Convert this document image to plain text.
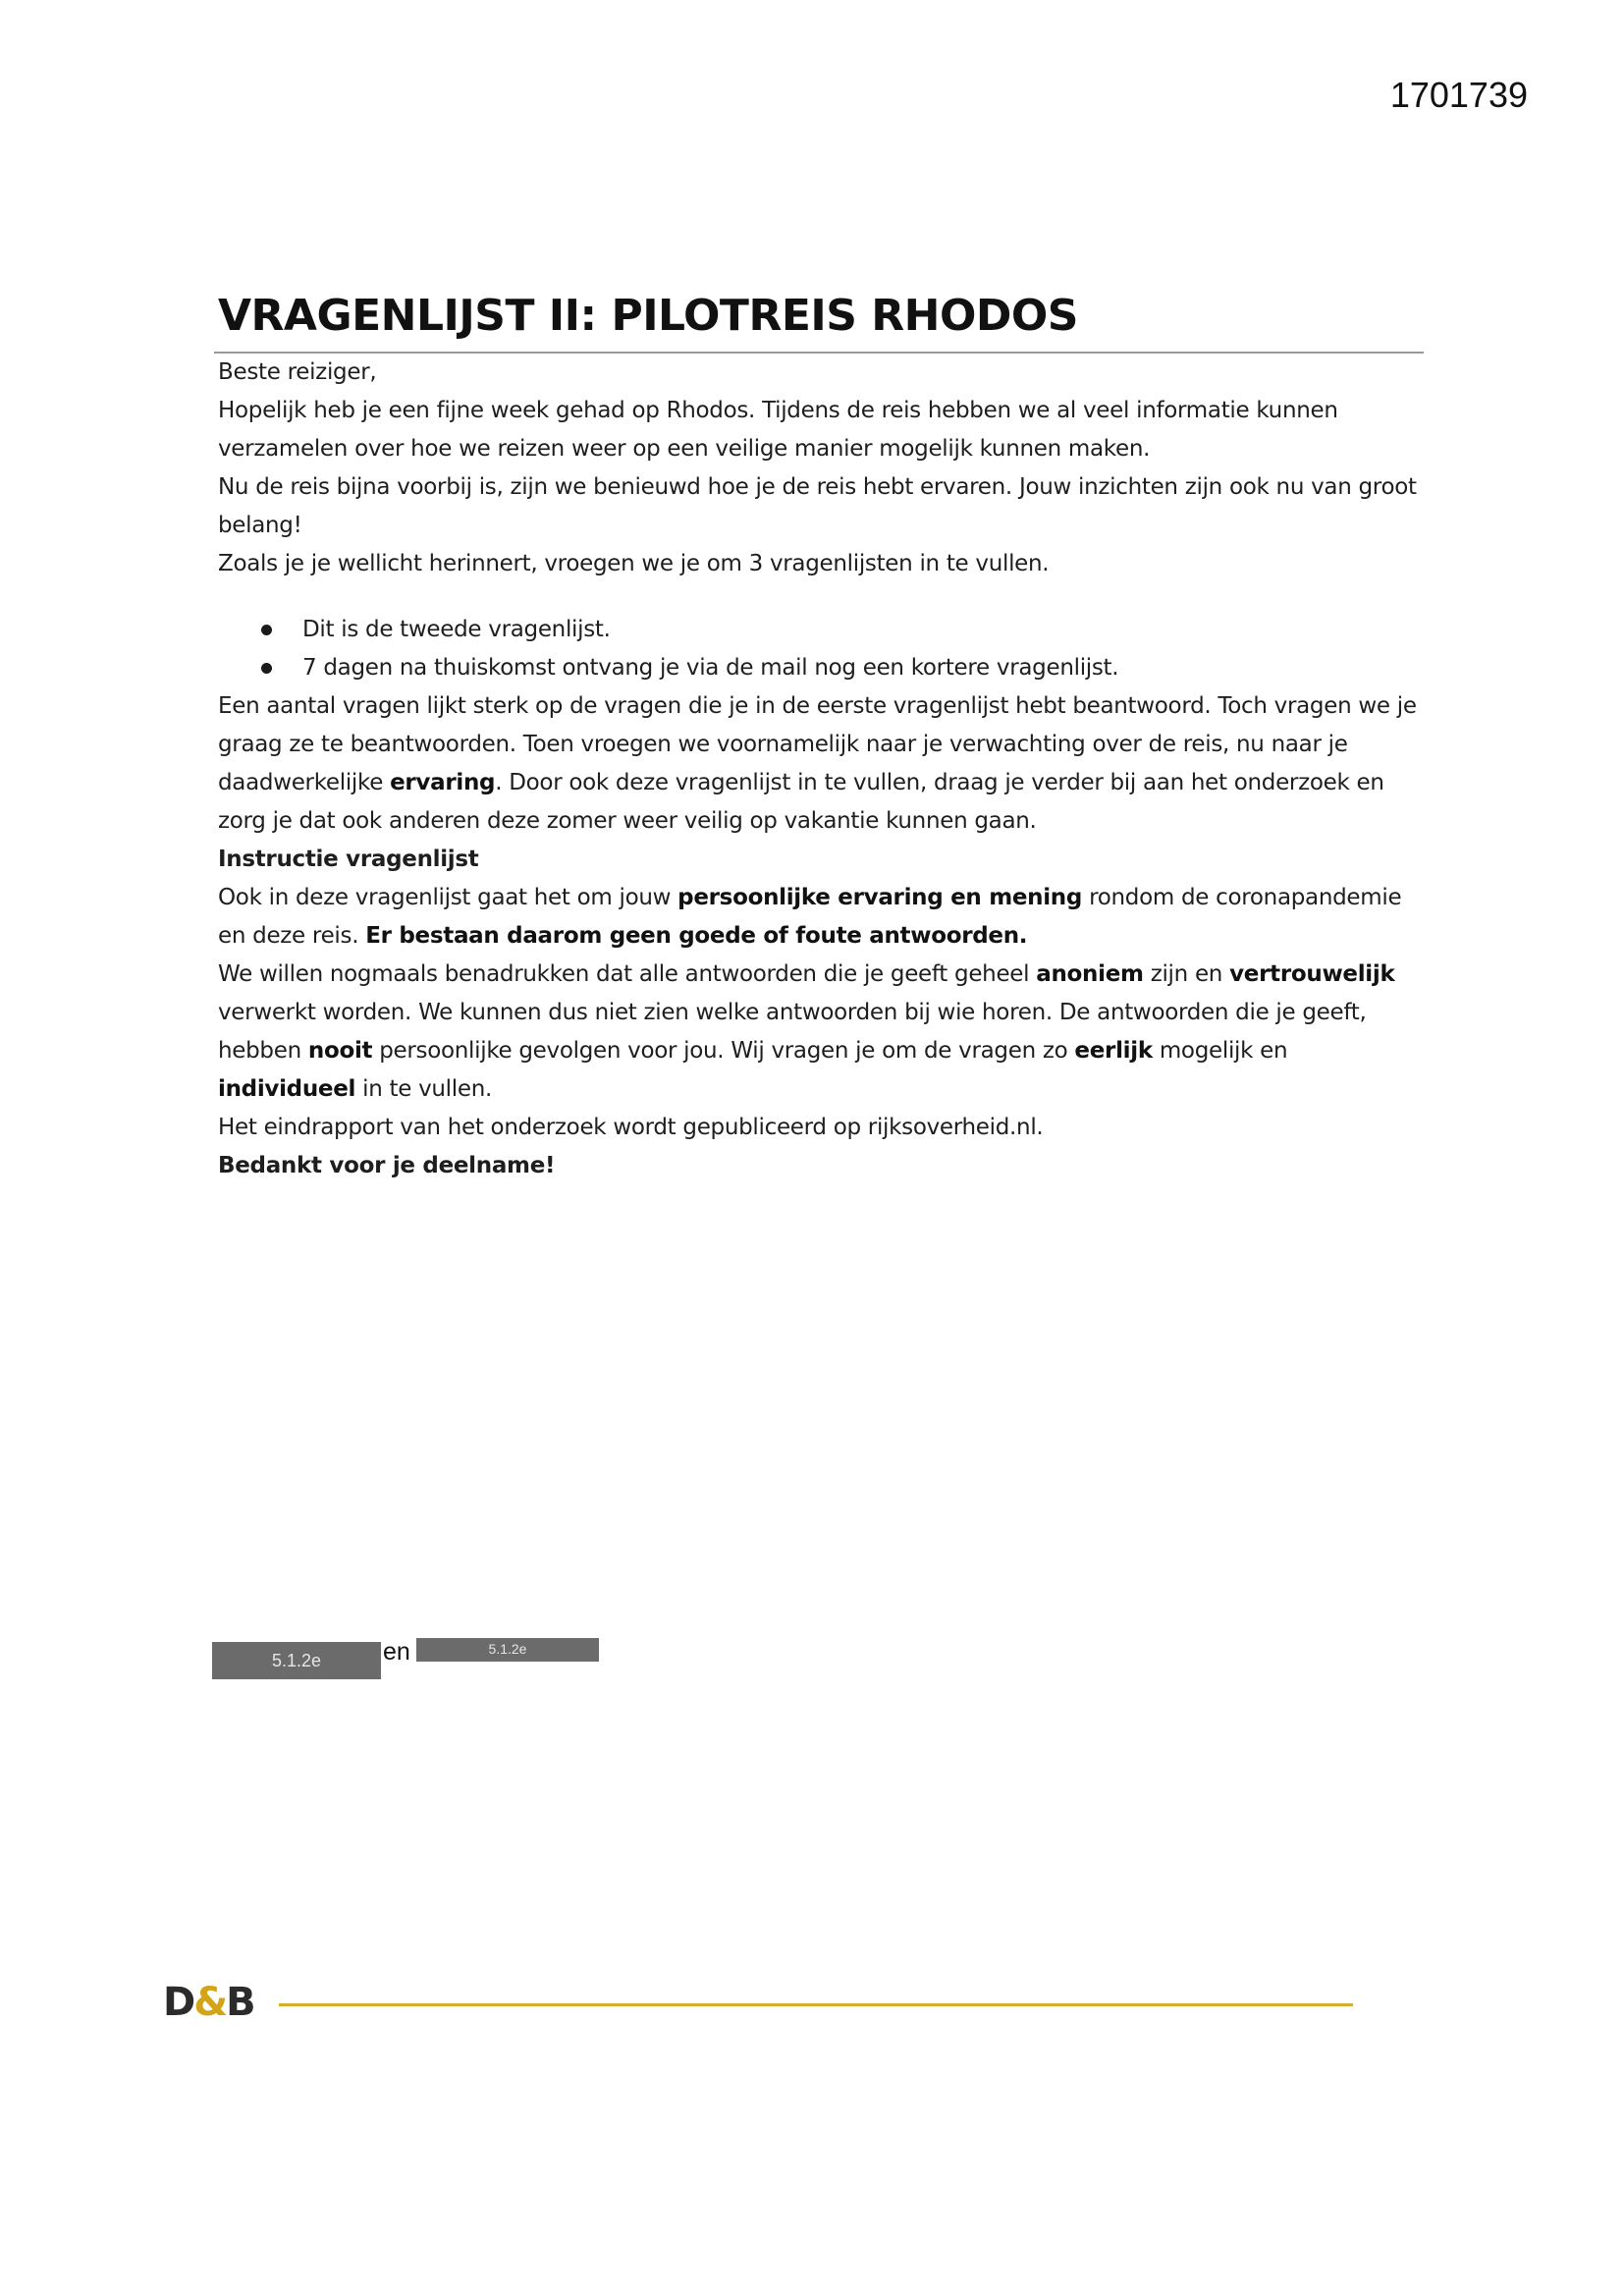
1701739
VRAGENLIJST II: PILOTREIS RHODOS

Beste reiziger,

Hopelijk heb je een fijne week gehad op Rhodos. Tijdens de reis hebben we al veel informatie kunnen verzamelen over hoe we reizen weer op een veilige manier mogelijk kunnen maken.

Nu de reis bijna voorbij is, zijn we benieuwd hoe je de reis hebt ervaren. Jouw inzichten zijn ook nu van groot belang!

Zoals je je wellicht herinnert, vroegen we je om 3 vragenlijsten in te vullen.

Dit is de tweede vragenlijst.
7 dagen na thuiskomst ontvang je via de mail nog een kortere vragenlijst.

Een aantal vragen lijkt sterk op de vragen die je in de eerste vragenlijst hebt beantwoord. Toch vragen we je graag ze te beantwoorden. Toen vroegen we voornamelijk naar je verwachting over de reis, nu naar je daadwerkelijke ervaring. Door ook deze vragenlijst in te vullen, draag je verder bij aan het onderzoek en zorg je dat ook anderen deze zomer weer veilig op vakantie kunnen gaan.

Instructie vragenlijst

Ook in deze vragenlijst gaat het om jouw persoonlijke ervaring en mening rondom de coronapandemie en deze reis. Er bestaan daarom geen goede of foute antwoorden.

We willen nogmaals benadrukken dat alle antwoorden die je geeft geheel anoniem zijn en vertrouwelijk verwerkt worden. We kunnen dus niet zien welke antwoorden bij wie horen. De antwoorden die je geeft, hebben nooit persoonlijke gevolgen voor jou. Wij vragen je om de vragen zo eerlijk mogelijk en individueel in te vullen.

Het eindrapport van het onderzoek wordt gepubliceerd op rijksoverheid.nl.

Bedankt voor je deelname!

5.1.2e	en	5.1.2e
D&B
